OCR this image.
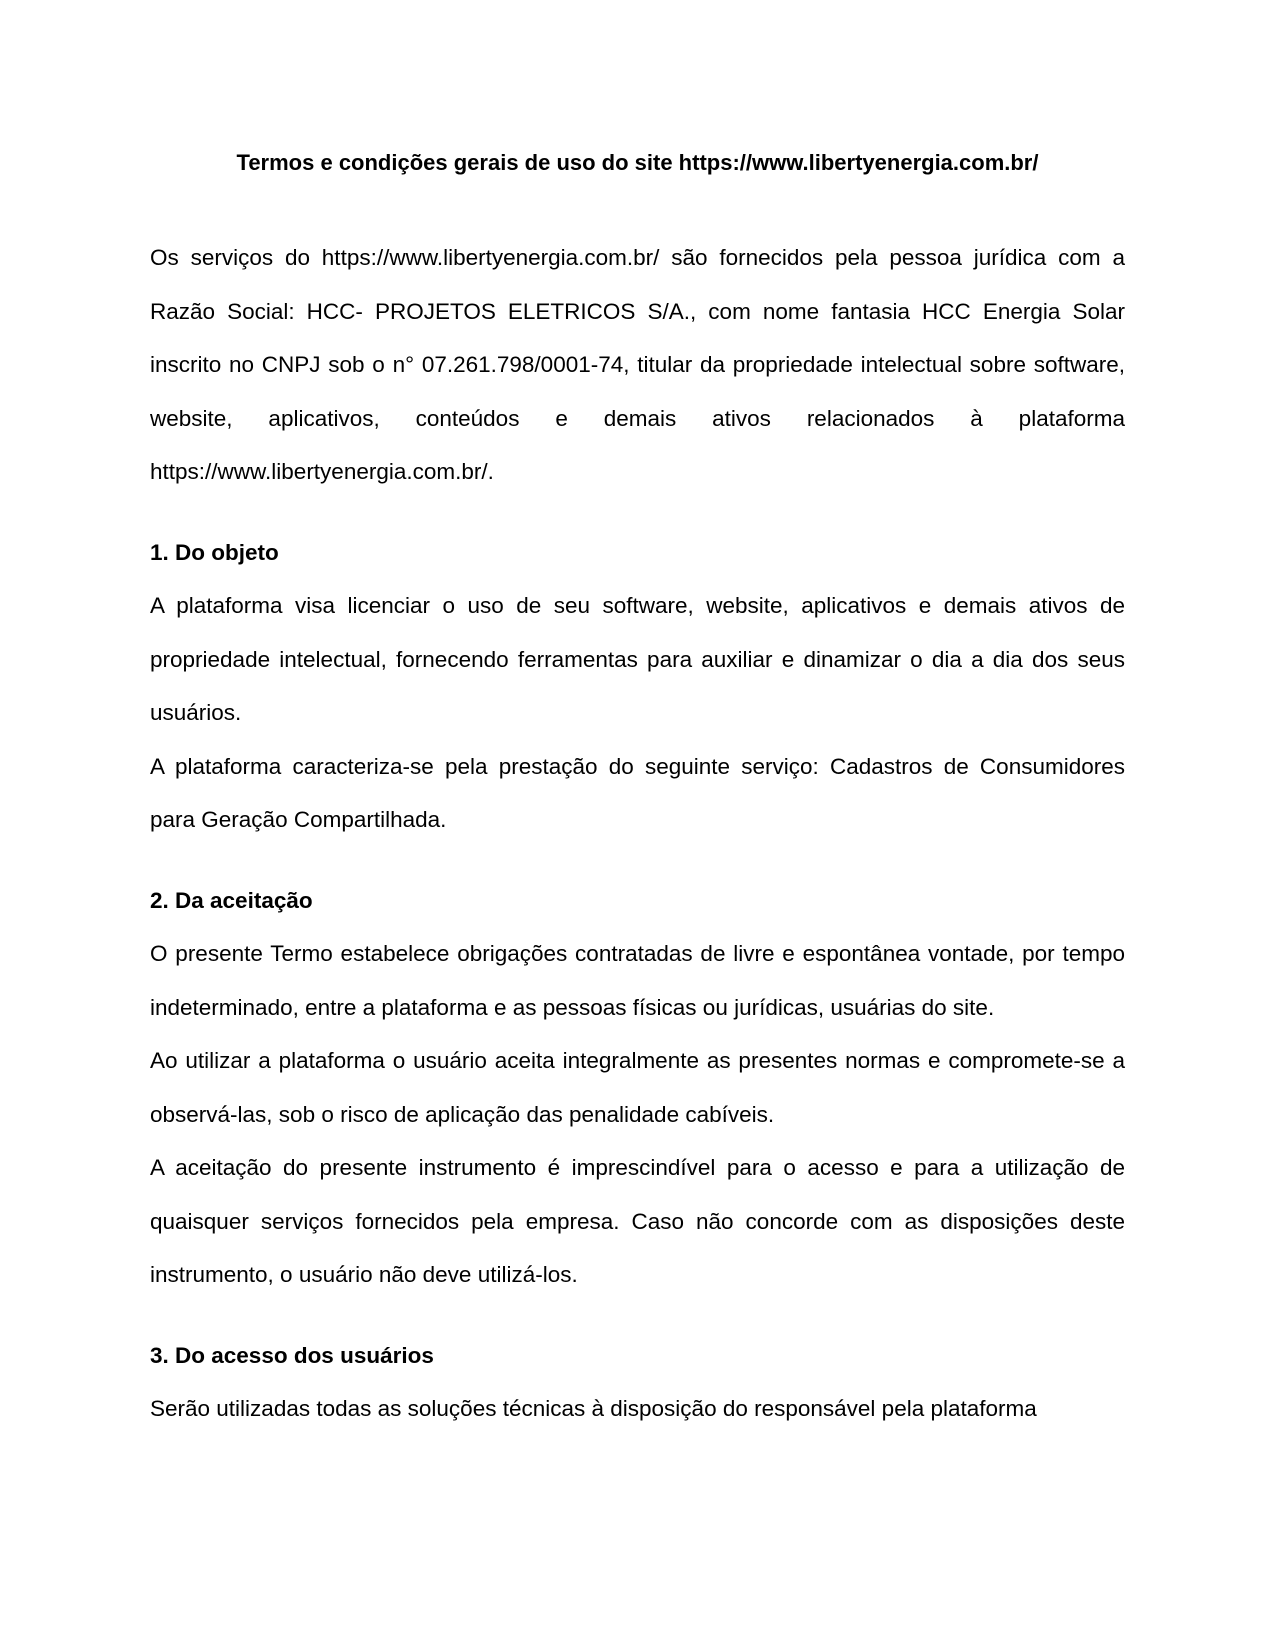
Termos e condições gerais de uso do site https://www.libertyenergia.com.br/

Os serviços do https://www.libertyenergia.com.br/ são fornecidos pela pessoa jurídica com a Razão Social: HCC- PROJETOS ELETRICOS S/A., com nome fantasia HCC Energia Solar inscrito no CNPJ sob o n° 07.261.798/0001-74, titular da propriedade intelectual sobre software, website, aplicativos, conteúdos e demais ativos relacionados à plataforma https://www.libertyenergia.com.br/.

1. Do objeto

A plataforma visa licenciar o uso de seu software, website, aplicativos e demais ativos de propriedade intelectual, fornecendo ferramentas para auxiliar e dinamizar o dia a dia dos seus usuários.

A plataforma caracteriza-se pela prestação do seguinte serviço: Cadastros de Consumidores para Geração Compartilhada.

2. Da aceitação

O presente Termo estabelece obrigações contratadas de livre e espontânea vontade, por tempo indeterminado, entre a plataforma e as pessoas físicas ou jurídicas, usuárias do site.

Ao utilizar a plataforma o usuário aceita integralmente as presentes normas e compromete-se a observá-las, sob o risco de aplicação das penalidade cabíveis.

A aceitação do presente instrumento é imprescindível para o acesso e para a utilização de quaisquer serviços fornecidos pela empresa. Caso não concorde com as disposições deste instrumento, o usuário não deve utilizá-los.

3. Do acesso dos usuários

Serão utilizadas todas as soluções técnicas à disposição do responsável pela plataforma
